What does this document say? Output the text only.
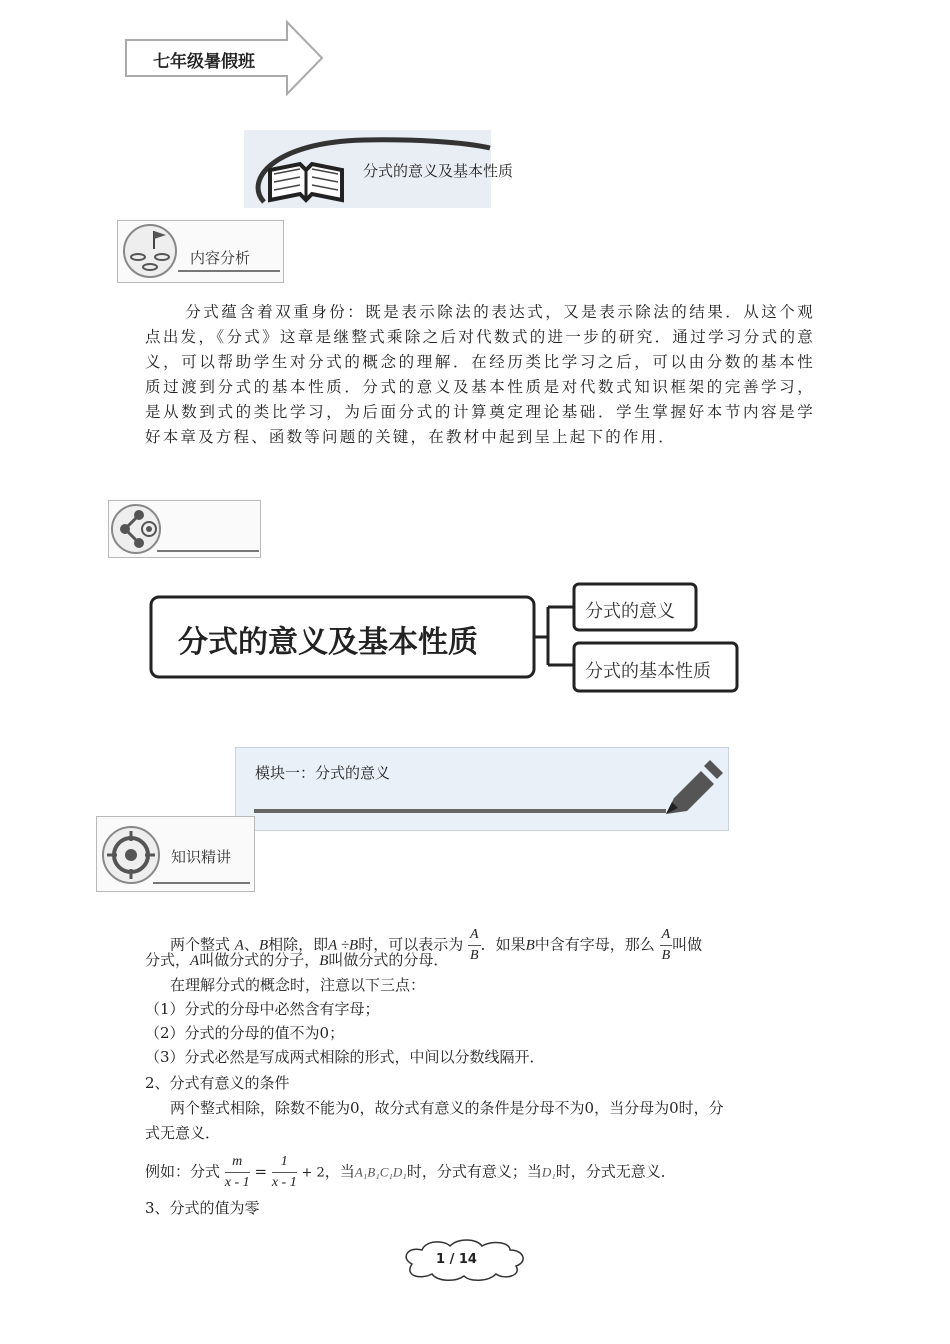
七年级暑假班
分式的意义及基本性质
内容分析
分式蕴含着双重身份：既是表示除法的表达式，又是表示除法的结果．从这个观点出发，《分式》这章是继整式乘除之后对代数式的进一步的研究．通过学习分式的意义，可以帮助学生对分式的概念的理解．在经历类比学习之后，可以由分数的基本性质过渡到分式的基本性质．分式的意义及基本性质是对代数式知识框架的完善学习，是从数到式的类比学习，为后面分式的计算奠定理论基础．学生掌握好本节内容是学好本章及方程、函数等问题的关键，在教材中起到呈上起下的作用．
分式的意义及基本性质
分式的意义
分式的基本性质
模块一：分式的意义
知识精讲
两个整式 A、B相除，即A ÷B时，可以表示为 $\frac{A}{B}$ ．如果B中含有字母，那么 $\frac{A}{B}$ 叫做
分式，A叫做分式的分子，B叫做分式的分母．
在理解分式的概念时，注意以下三点：
（1）分式的分母中必然含有字母；
（2）分式的分母的值不为0；
（3）分式必然是写成两式相除的形式，中间以分数线隔开．
2、分式有意义的条件
两个整式相除，除数不能为0，故分式有意义的条件是分母不为0，当分母为0时，分
式无意义．
例如：分式 $\frac{m}{x - 1} = \frac{1}{x - 1} + 2$，当A₁B₁C₁D₁时，分式有意义；当D₁时，分式无意义．
3、分式的值为零
1 / 14
